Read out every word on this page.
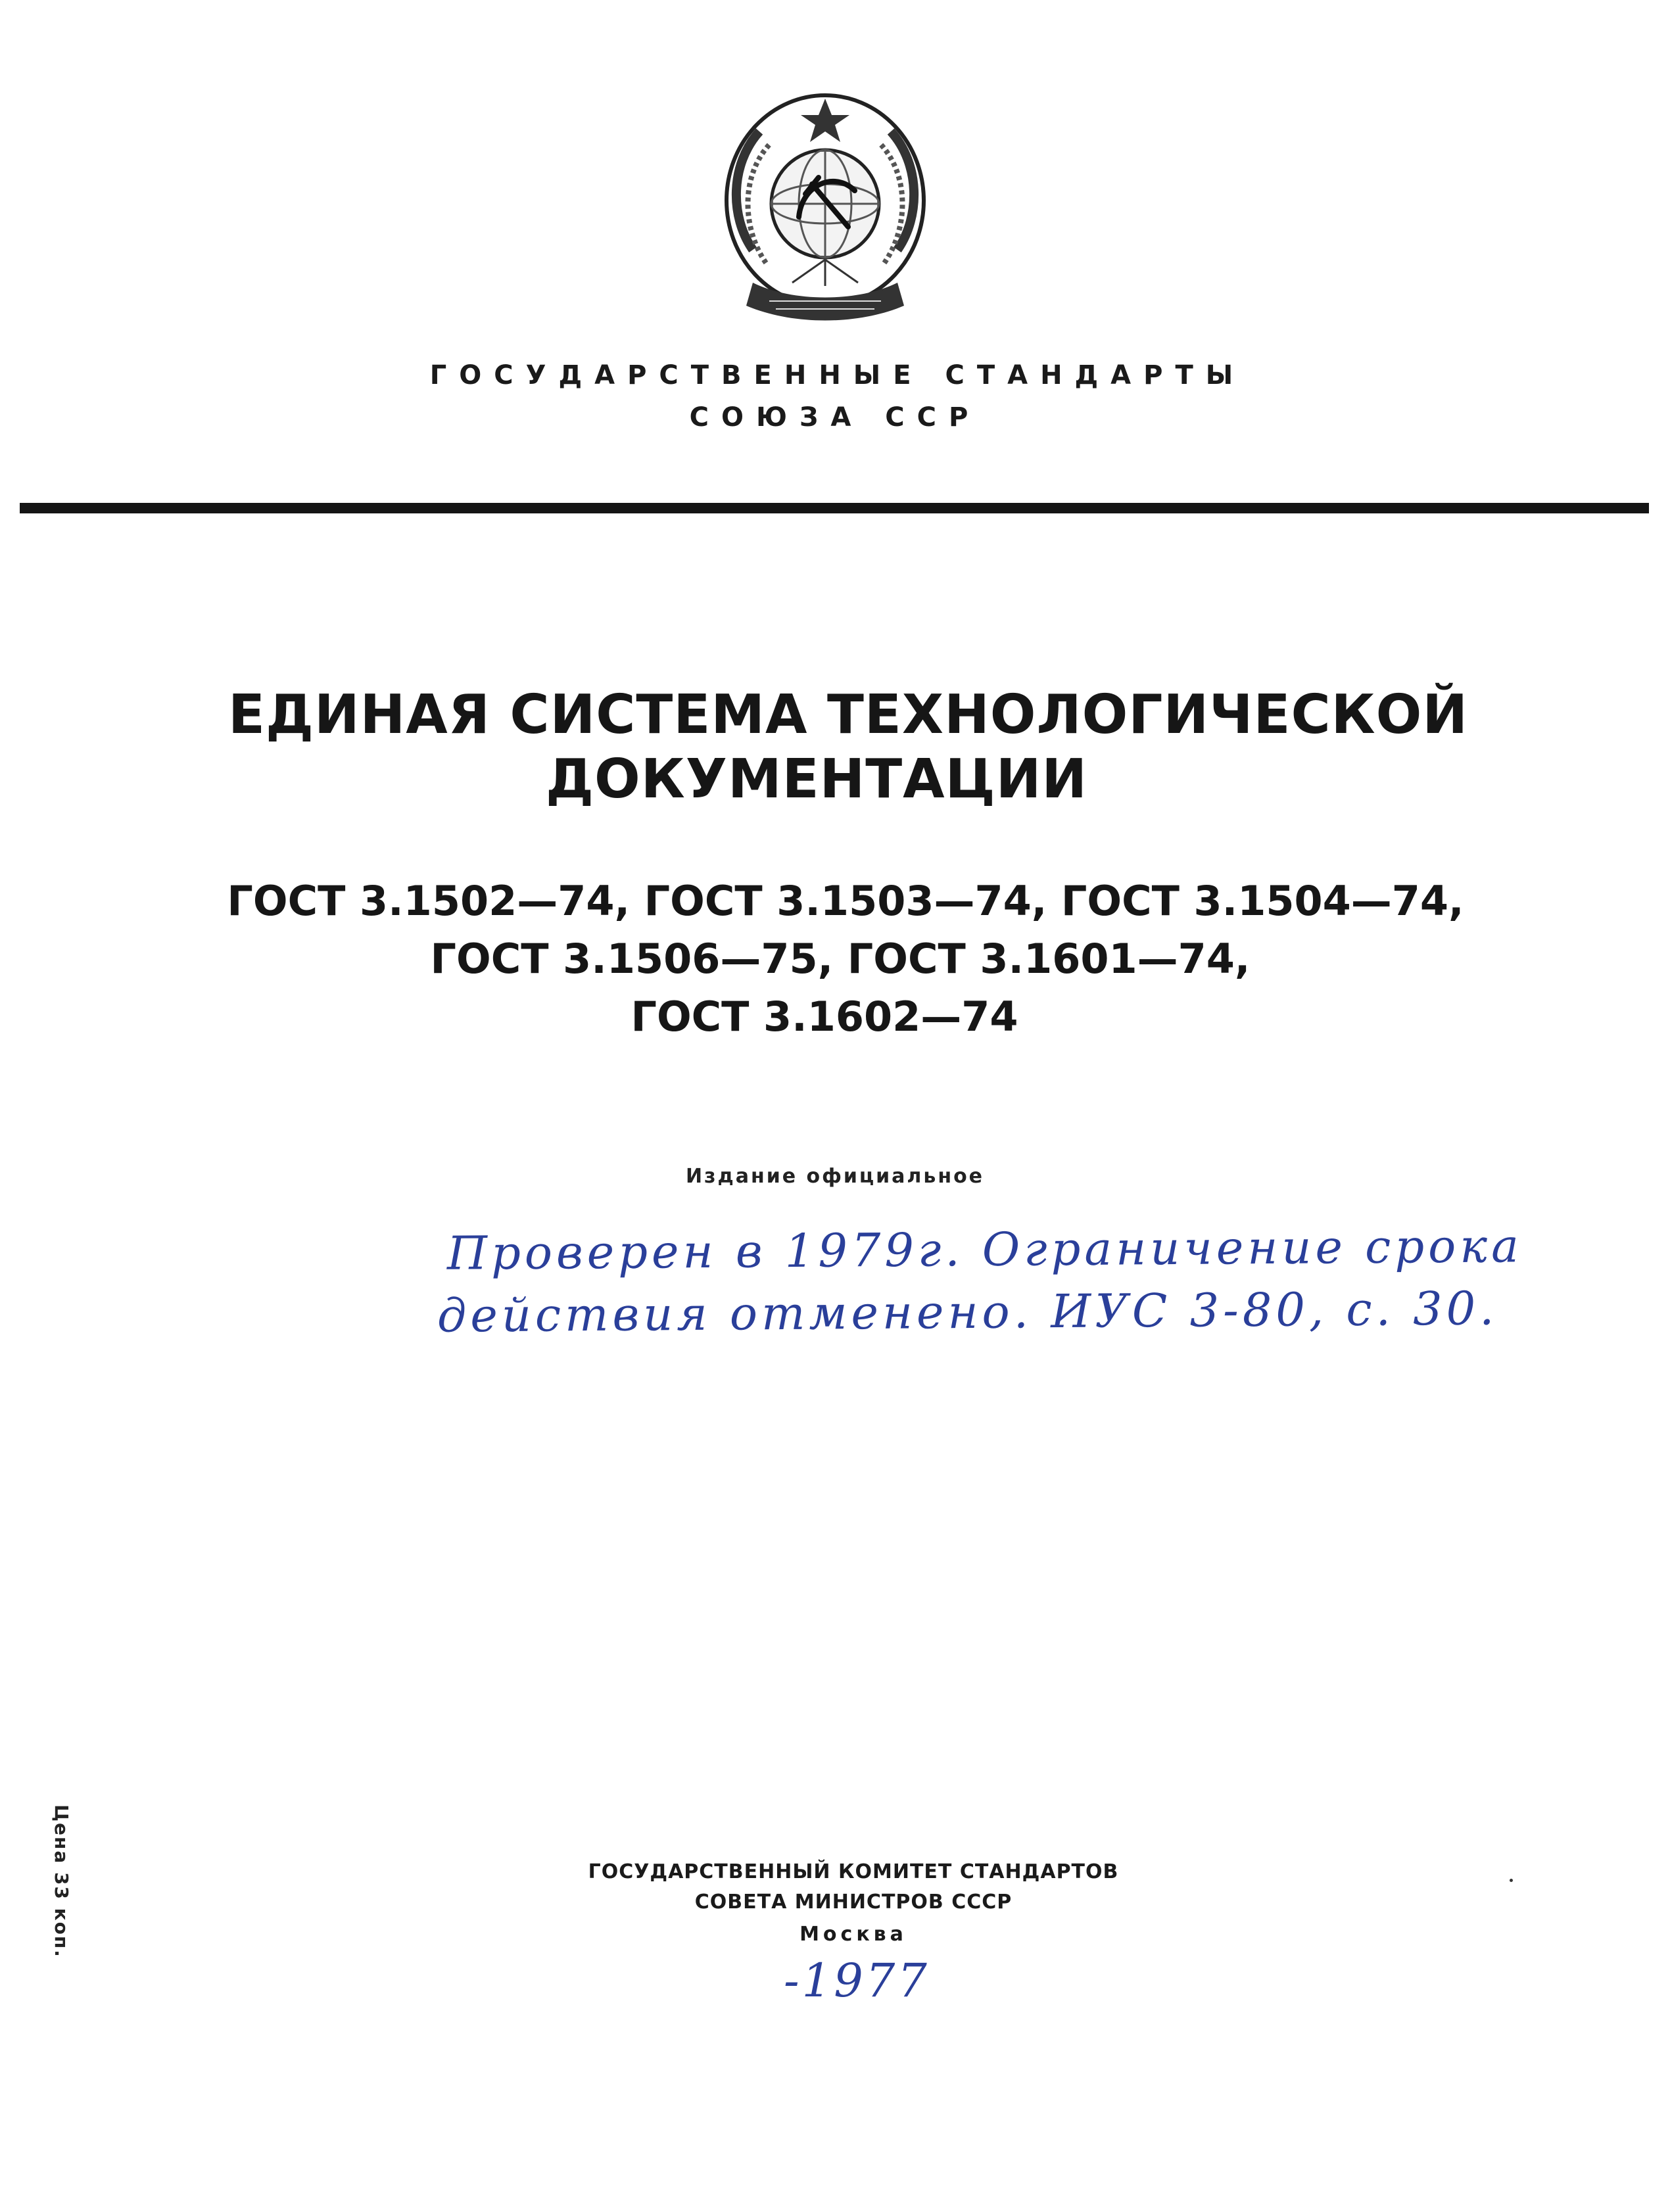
ГОСУДАРСТВЕННЫЕ СТАНДАРТЫ
СОЮЗА ССР
ЕДИНАЯ СИСТЕМА ТЕХНОЛОГИЧЕСКОЙ
ДОКУМЕНТАЦИИ
ГОСТ 3.1502—74, ГОСТ 3.1503—74, ГОСТ 3.1504—74,
ГОСТ 3.1506—75, ГОСТ 3.1601—74,
ГОСТ 3.1602—74
Издание официальное
Проверен в 1979г. Ограничение срока
действия отменено. ИУС 3-80, с. 30.
Цена 33 коп.	ГОСУДАРСТВЕННЫЙ КОМИТЕТ СТАНДАРТОВ
СОВЕТА МИНИСТРОВ СССР
Москва
-1977
